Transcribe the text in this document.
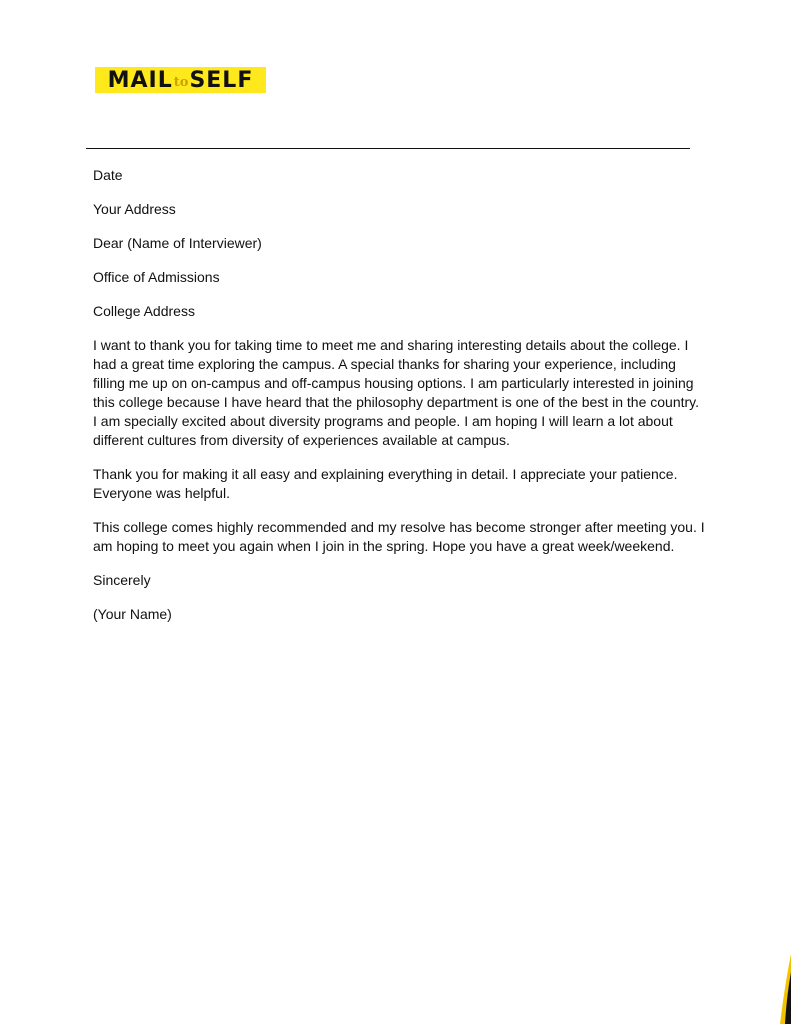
MAIL to SELF

Date

Your Address

Dear (Name of Interviewer)

Office of Admissions

College Address

I want to thank you for taking time to meet me and sharing interesting details about the college. I had a great time exploring the campus. A special thanks for sharing your experience, including filling me up on on-campus and off-campus housing options. I am particularly interested in joining this college because I have heard that the philosophy department is one of the best in the country. I am specially excited about diversity programs and people. I am hoping I will learn a lot about different cultures from diversity of experiences available at campus.

Thank you for making it all easy and explaining everything in detail. I appreciate your patience. Everyone was helpful.

This college comes highly recommended and my resolve has become stronger after meeting you. I am hoping to meet you again when I join in the spring. Hope you have a great week/weekend.

Sincerely

(Your Name)
